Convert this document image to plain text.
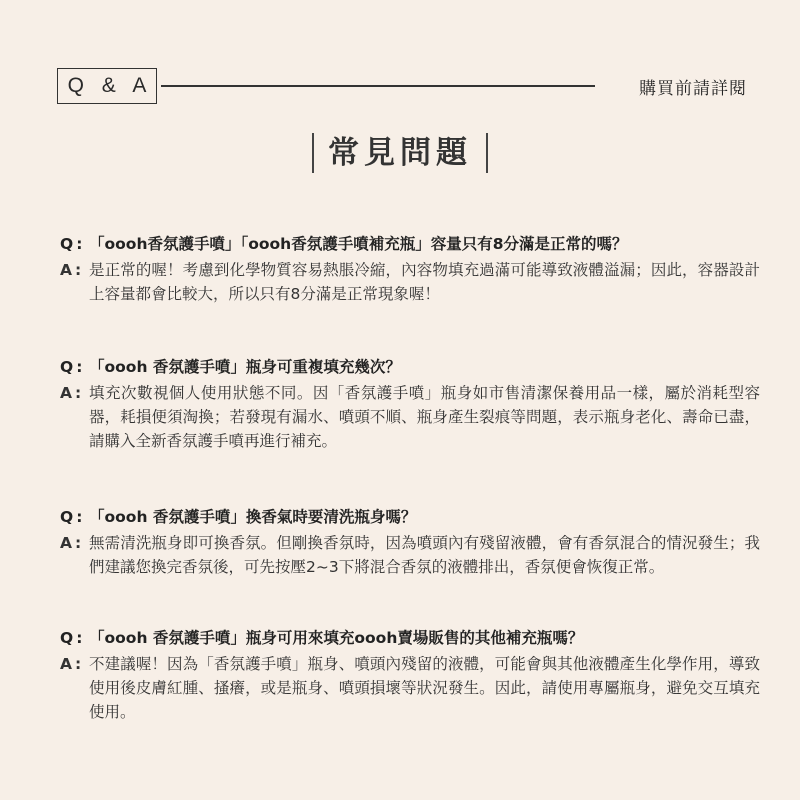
Q & A	購買前請詳閱
常見問題
Q : 「oooh香氛護手噴」「oooh香氛護手噴補充瓶」容量只有8分滿是正常的嗎？
A : 是正常的喔！考慮到化學物質容易熱脹冷縮，內容物填充過滿可能導致液體溢漏；因此，容器設計上容量都會比較大，所以只有8分滿是正常現象喔！
Q : 「oooh 香氛護手噴」瓶身可重複填充幾次？
A : 填充次數視個人使用狀態不同。因「香氛護手噴」瓶身如市售清潔保養用品一樣，屬於消耗型容器，耗損便須淘換；若發現有漏水、噴頭不順、瓶身產生裂痕等問題，表示瓶身老化、壽命已盡，請購入全新香氛護手噴再進行補充。
Q : 「oooh 香氛護手噴」換香氣時要清洗瓶身嗎？
A : 無需清洗瓶身即可換香氛。但剛換香氛時，因為噴頭內有殘留液體，會有香氛混合的情況發生；我們建議您換完香氛後，可先按壓2~3下將混合香氛的液體排出，香氛便會恢復正常。
Q : 「oooh 香氛護手噴」瓶身可用來填充oooh賣場販售的其他補充瓶嗎？
A : 不建議喔！因為「香氛護手噴」瓶身、噴頭內殘留的液體，可能會與其他液體產生化學作用，導致使用後皮膚紅腫、搔癢，或是瓶身、噴頭損壞等狀況發生。因此，請使用專屬瓶身，避免交互填充使用。
